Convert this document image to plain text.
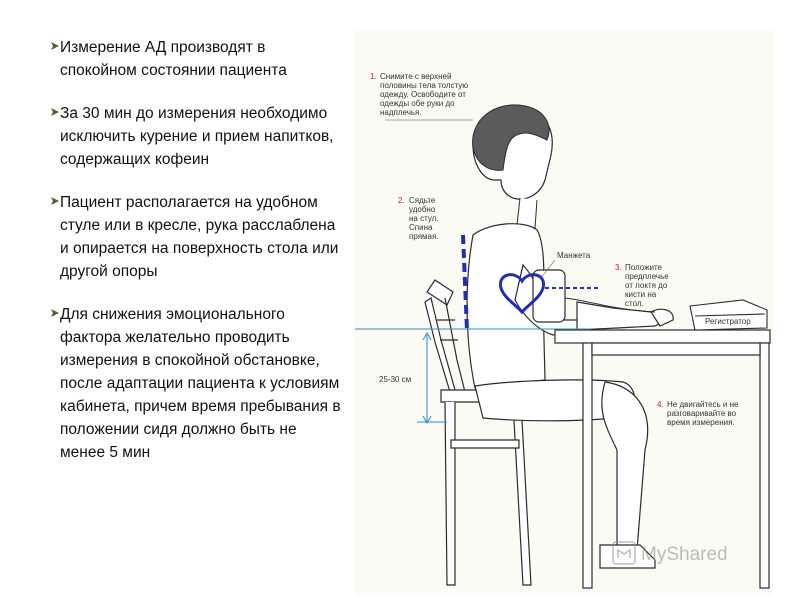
Измерение АД производят в спокойном состоянии пациента
За 30 мин до измерения необходимо исключить курение и прием напитков, содержащих кофеин
Пациент располагается на удобном стуле или в кресле, рука расслаблена и опирается на поверхность стола или другой опоры
Для снижения эмоционального фактора желательно проводить измерения в спокойной обстановке, после адаптации пациента к условиям кабинета, причем время пребывания в положении сидя должно быть не менее 5 мин
1. Снимите с верхней
половины тела толстую
одежду. Освободите от
одежды обе руки до
надплечья.
2. Сядьте
удобно
на стул.
Спина
прямая.
Манжета
3. Положите
предплечье
от локтя до
кисти на
стол.
Регистратор
25-30 см
4. Не двигайтесь и не
разговаривайте во
время измерения.
MyShared
